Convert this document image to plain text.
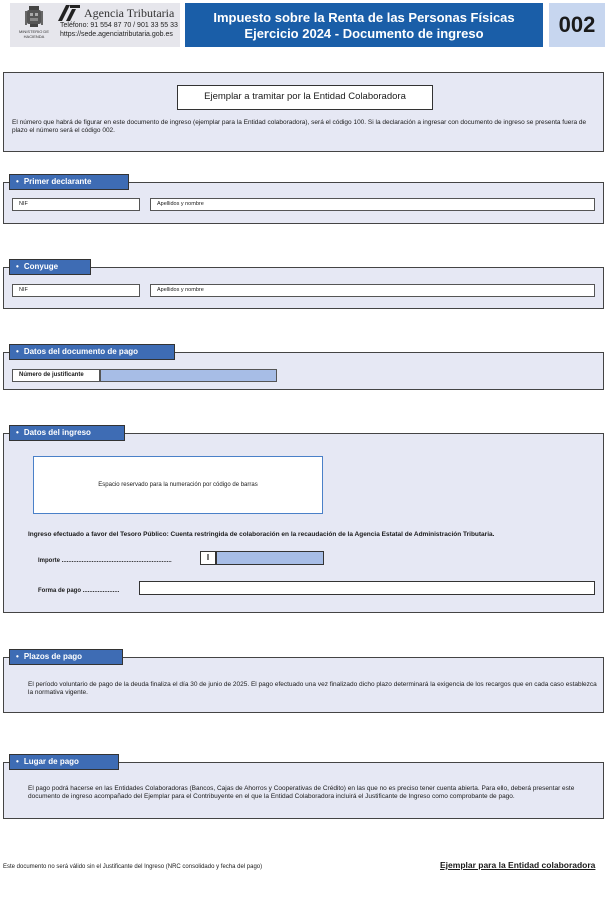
MINISTERIO DE HACIENDA
Agencia Tributaria
Teléfono: 91 554 87 70 / 901 33 55 33
https://sede.agenciatributaria.gob.es
Impuesto sobre la Renta de las Personas Físicas
Ejercicio 2024 - Documento de ingreso	002
Ejemplar a tramitar por la Entidad Colaboradora
El número que habrá de figurar en este documento de ingreso (ejemplar para la Entidad colaboradora), será el código 100. Si la declaración a ingresar con documento de ingreso se presenta fuera de plazo el número será el código 002.
NIF	Apellidos y nombre
• Primer declarante
NIF	Apellidos y nombre
• Conyuge
Número de justificante
• Datos del documento de pago
Espacio reservado para la numeración por código de barras
Ingreso efectuado a favor del Tesoro Público: Cuenta restringida de colaboración en la recaudación de la Agencia Estatal de Administración Tributaria.
Importe ..................................................................	I
Forma de pago ......................
• Datos del ingreso
El período voluntario de pago de la deuda finaliza el día 30 de junio de 2025. El pago efectuado una vez finalizado dicho plazo determinará la exigencia de los recargos que en cada caso establezca la normativa vigente.
• Plazos de pago
El pago podrá hacerse en las Entidades Colaboradoras (Bancos, Cajas de Ahorros y Cooperativas de Crédito) en las que no es preciso tener cuenta abierta. Para ello, deberá presentar este documento de ingreso acompañado del Ejemplar para el Contribuyente en el que la Entidad Colaboradora incluirá el Justificante de Ingreso como comprobante de pago.
• Lugar de pago
Este documento no será válido sin el Justificante del Ingreso (NRC consolidado y fecha del pago)	Ejemplar para la Entidad colaboradora
